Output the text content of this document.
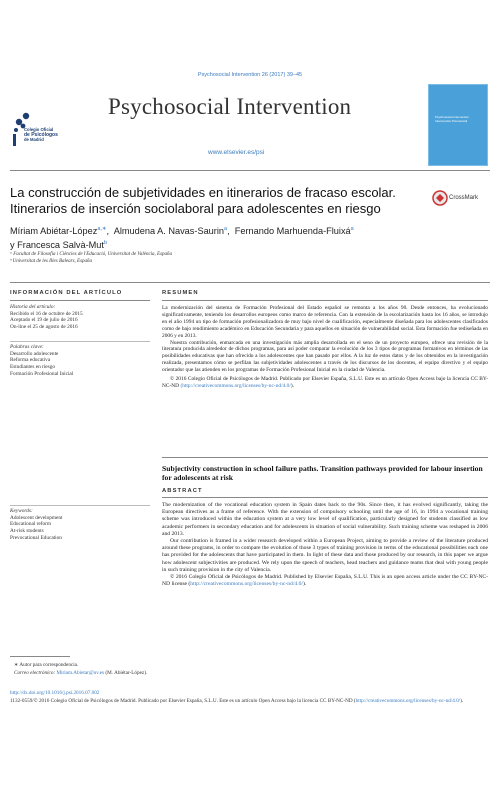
Psychosocial Intervention 26 (2017) 39–45
Colegio Oficial
de Psicólogos
de Madrid
Psychosocial Intervention
www.elsevier.es/psi
Psychosocial Intervention
Intervención Psicosocial
La construcción de subjetividades en itinerarios de fracaso escolar. Itinerarios de inserción sociolaboral para adolescentes en riesgo
CrossMark
Míriam Abiétar-López$^{a,∗}$,  Almudena A. Navas-Saurin$^a$,  Fernando Marhuenda-Fluixá$^a$
y Francesca Salvà-Mut$^b$
ᵃ Facultat de Filosofia i Ciències de l'Educació, Universitat de València, España
ᵇ Universitat de les Illes Balears, España
INFORMACIÓN DEL ARTÍCULO
Historia del artículo:
Recibido el 16 de octubre de 2015
Aceptado el 19 de julio de 2016
On-line el 25 de agosto de 2016
Palabras clave:
Desarrollo adolescente
Reforma educativa
Estudiantes en riesgo
Formación Profesional Inicial
RESUMEN

La modernización del sistema de Formación Profesional del Estado español se remonta a los años 90. Desde entonces, ha evolucionado significativamente, teniendo los desarrollos europeos como marco de referencia. Con la extensión de la escolarización hasta los 16 años, se introdujo en el año 1994 un tipo de formación profesionalizadora de muy bajo nivel de cualificación, especialmente diseñada para los adolescentes clasificados como de bajo rendimiento académico en Educación Secundaria y para aquellos en situación de vulnerabilidad social. Esta formación fue rediseñada en 2006 y en 2013.

Nuestra contribución, enmarcada en una investigación más amplia desarrollada en el seno de un proyecto europeo, ofrece una revisión de la literatura producida alrededor de dichos programas, para así poder comparar la evolución de los 3 tipos de programas formativos en términos de las posibilidades educativas que han ofrecido a los adolescentes que han pasado por ellos. A la luz de estos datos y de los obtenidos en la investigación realizada, presentamos cómo se perfilan las subjetividades adolescentes a través de los discursos de los docentes, el equipo directivo y el equipo orientador que las atienden en los programas de Formación Profesional Inicial en la ciudad de Valencia.

© 2016 Colegio Oficial de Psicólogos de Madrid. Publicado por Elsevier España, S.L.U. Este es un artículo Open Access bajo la licencia CC BY-NC-ND (http://creativecommons.org/licenses/by-nc-nd/4.0/).

Subjectivity construction in school failure paths. Transition pathways provided for labour insertion for adolescents at risk
ABSTRACT
Keywords:
Adolescent development
Educational reform
At-risk students
Prevocational Education

The modernization of the vocational education system in Spain dates back to the 90s. Since then, it has evolved significantly, taking the European directives as a frame of reference. With the extension of compulsory schooling until the age of 16, in 1994 a vocational training scheme was introduced within the education system at a very low level of qualification, particularly designed for students classified as low academic performers in secondary education and for adolescents in situation of social vulnerability. Such training scheme was reshaped in 2006 and 2013.

Our contribution is framed in a wider research developed within a European Project, aiming to provide a review of the literature produced around these programs, in order to compare the evolution of those 3 types of training provision in terms of the educational possibilities each one has provided for the adolescents that have participated in them. In light of these data and those produced by our research, in this paper we argue how adolescent subjectivities are produced. We rely upon the speech of teachers, head teachers and guidance teams that deal with young people in such training provision in the city of Valencia.

© 2016 Colegio Oficial de Psicólogos de Madrid. Published by Elsevier España, S.L.U. This is an open access article under the CC BY-NC-ND license (http://creativecommons.org/licenses/by-nc-nd/4.0/).

∗ Autor para correspondencia.
Correo electrónico: Miriam.Abietar@uv.es (M. Abiétar-López).
http://dx.doi.org/10.1016/j.psi.2016.07.002
1132-0559/© 2016 Colegio Oficial de Psicólogos de Madrid. Publicado por Elsevier España, S.L.U. Este es un artículo Open Access bajo la licencia CC BY-NC-ND (http://creativecommons.org/licenses/by-nc-nd/4.0/).
